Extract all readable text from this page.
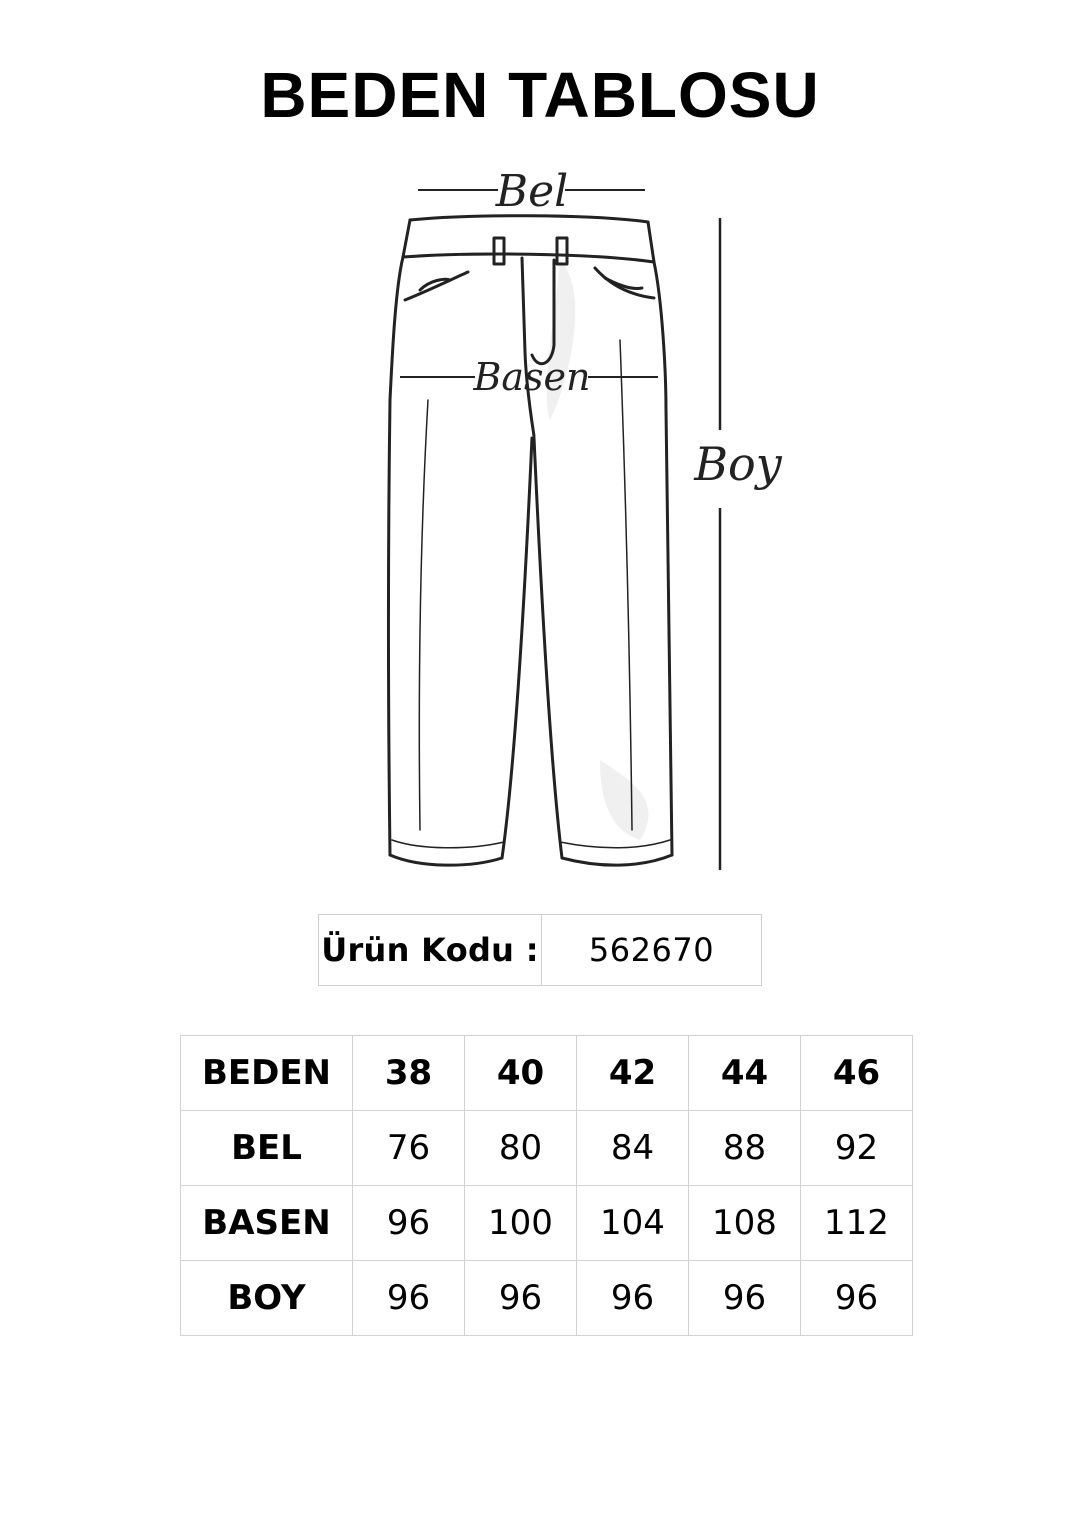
BEDEN TABLOSU
Bel
Basen
Boy
Ürün Kodu :	562670
BEDEN	38	40	42	44	46
BEL	76	80	84	88	92
BASEN	96	100	104	108	112
BOY	96	96	96	96	96
